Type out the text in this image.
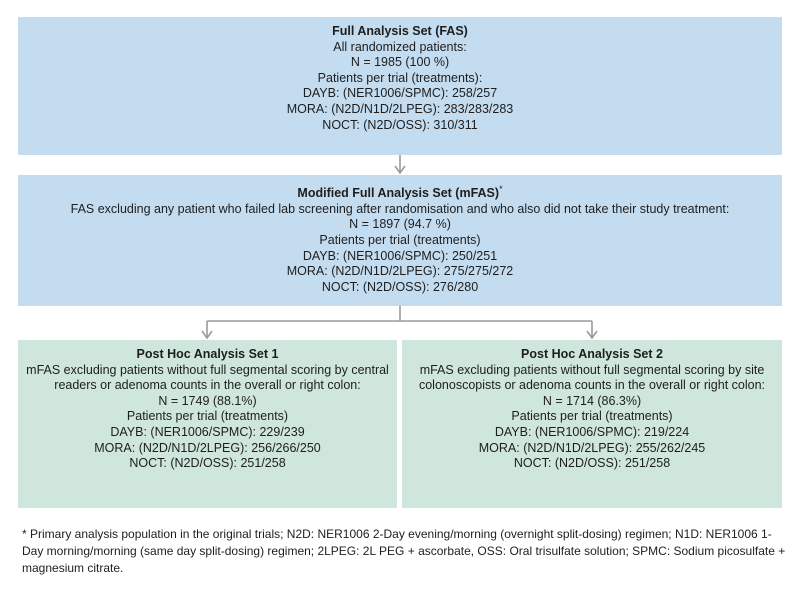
Full Analysis Set (FAS)
All randomized patients:
N = 1985 (100 %)
Patients per trial (treatments):
DAYB: (NER1006/SPMC): 258/257
MORA: (N2D/N1D/2LPEG): 283/283/283
NOCT: (N2D/OSS): 310/311
Modified Full Analysis Set (mFAS)*
FAS excluding any patient who failed lab screening after randomisation and who also did not take their study treatment:
N = 1897 (94.7 %)
Patients per trial (treatments)
DAYB: (NER1006/SPMC): 250/251
MORA: (N2D/N1D/2LPEG): 275/275/272
NOCT: (N2D/OSS): 276/280
Post Hoc Analysis Set 1
mFAS excluding patients without full segmental scoring by central readers or adenoma counts in the overall or right colon:
N = 1749 (88.1%)
Patients per trial (treatments)
DAYB: (NER1006/SPMC): 229/239
MORA: (N2D/N1D/2LPEG): 256/266/250
NOCT: (N2D/OSS): 251/258
Post Hoc Analysis Set 2
mFAS excluding patients without full segmental scoring by site colonoscopists or adenoma counts in the overall or right colon:
N = 1714 (86.3%)
Patients per trial (treatments)
DAYB: (NER1006/SPMC): 219/224
MORA: (N2D/N1D/2LPEG): 255/262/245
NOCT: (N2D/OSS): 251/258
* Primary analysis population in the original trials; N2D: NER1006 2-Day evening/morning (overnight split-dosing) regimen; N1D: NER1006 1-Day morning/morning (same day split-dosing) regimen; 2LPEG: 2L PEG + ascorbate, OSS: Oral trisulfate solution; SPMC: Sodium picosulfate + magnesium citrate.
